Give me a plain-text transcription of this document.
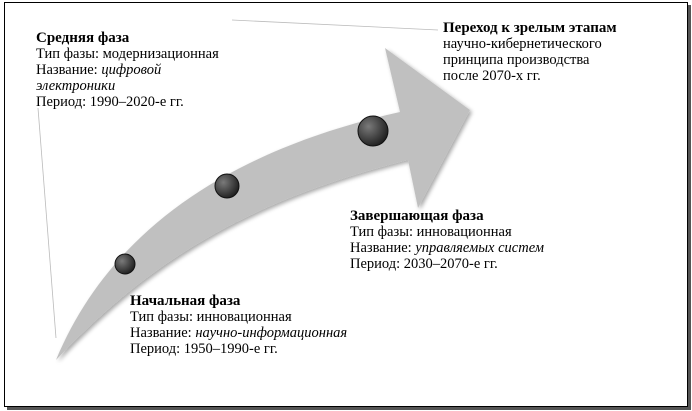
Средняя фаза
Тип фазы: модернизационная
Название: цифровой электроники
Период: 1990–2020-е гг.
Переход к зрелым этапам
научно-кибернетического
принципа производства
после 2070-х гг.
Завершающая фаза
Тип фазы: инновационная
Название: управляемых систем
Период: 2030–2070-е гг.
Начальная фаза
Тип фазы: инновационная
Название: научно-информационная
Период: 1950–1990-е гг.
